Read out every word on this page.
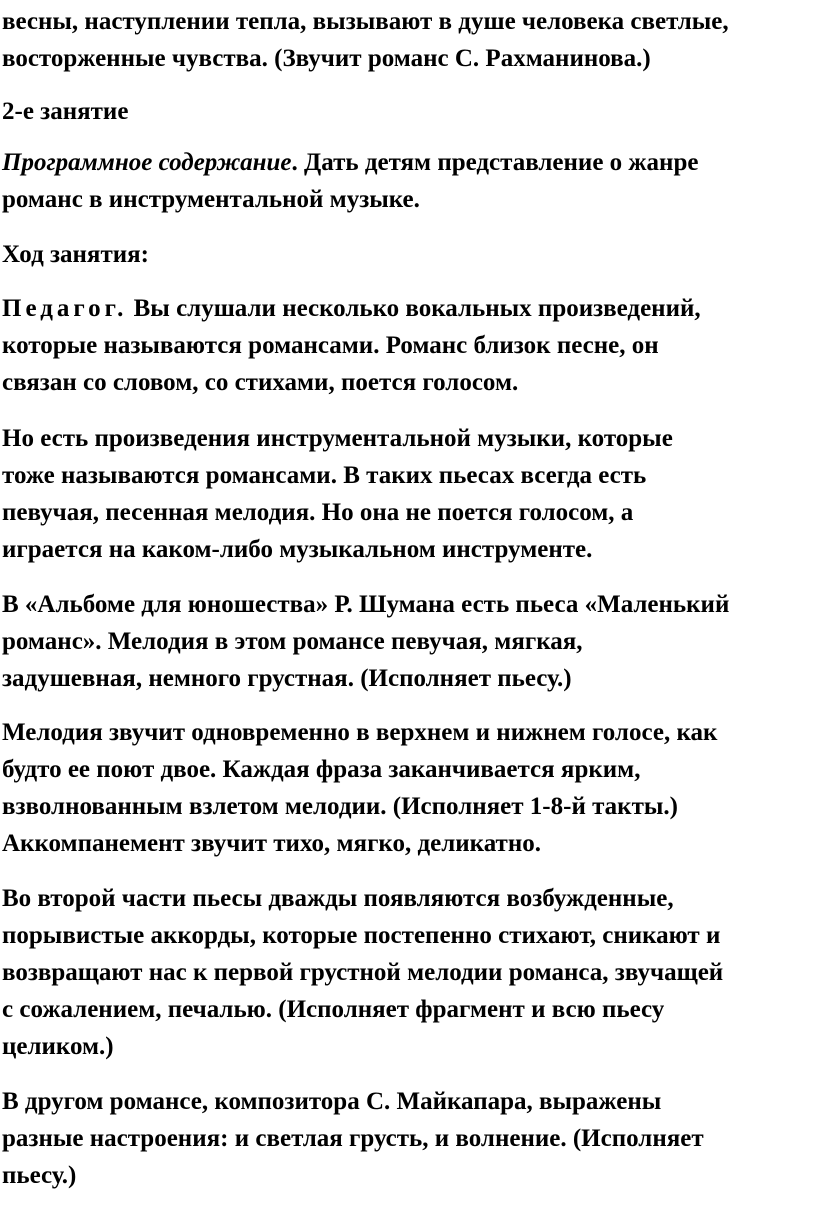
весны, наступлении тепла, вызывают в душе человека светлые,
восторженные чувства. (Звучит романс С. Рахманинова.)

2-е занятие

Программное содержание. Дать детям представление о жанре
романс в инструментальной музыке.

Ход занятия:

Педагог. Вы слушали несколько вокальных произведений,
которые называются романсами. Романс близок песне, он
связан со словом, со стихами, поется голосом.

Но есть произведения инструментальной музыки, которые
тоже называются романсами. В таких пьесах всегда есть
певучая, песенная мелодия. Но она не поется голосом, а
играется на каком-либо музыкальном инструменте.

В «Альбоме для юношества» Р. Шумана есть пьеса «Маленький
романс». Мелодия в этом романсе певучая, мягкая,
задушевная, немного грустная. (Исполняет пьесу.)

Мелодия звучит одновременно в верхнем и нижнем голосе, как
будто ее поют двое. Каждая фраза заканчивается ярким,
взволнованным взлетом мелодии. (Исполняет 1-8-й такты.)
Аккомпанемент звучит тихо, мягко, деликатно.

Во второй части пьесы дважды появляются возбужденные,
порывистые аккорды, которые постепенно стихают, сникают и
возвращают нас к первой грустной мелодии романса, звучащей
с сожалением, печалью. (Исполняет фрагмент и всю пьесу
целиком.)

В другом романсе, композитора С. Майкапара, выражены
разные настроения: и светлая грусть, и волнение. (Исполняет
пьесу.)
